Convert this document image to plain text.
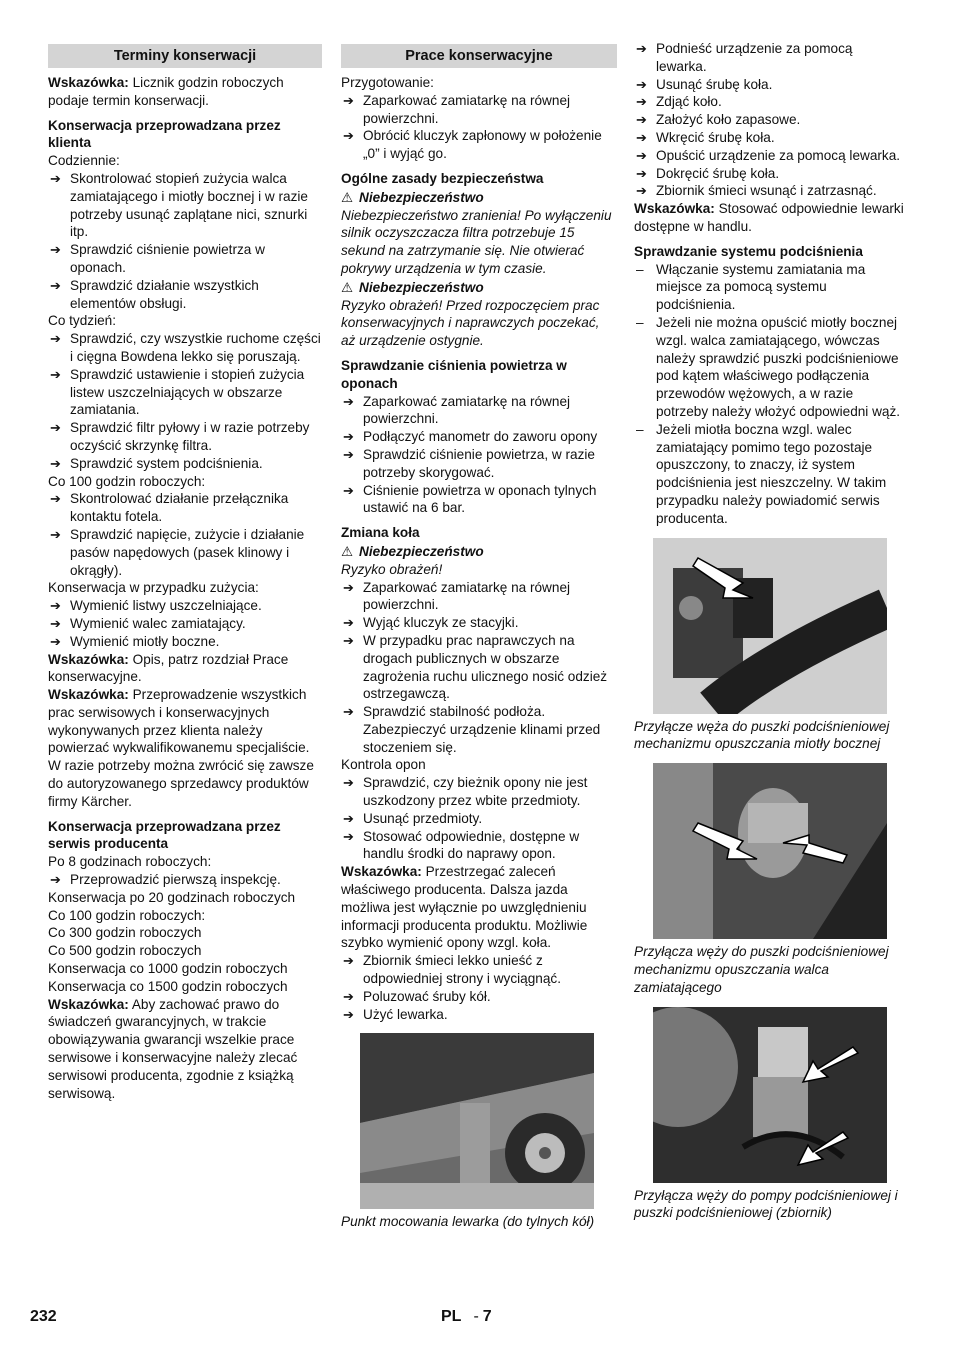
Terminy konserwacji

Wskazówka: Licznik godzin roboczych podaje termin konserwacji.

Konserwacja przeprowadzana przez klienta
Codziennie:
➔ Skontrolować stopień zużycia walca zamiatającego i miotły bocznej i w razie potrzeby usunąć zaplątane nici, sznurki itp.
➔ Sprawdzić ciśnienie powietrza w oponach.
➔ Sprawdzić działanie wszystkich elementów obsługi.
Co tydzień:
➔ Sprawdzić, czy wszystkie ruchome części i cięgna Bowdena lekko się poruszają.
➔ Sprawdzić ustawienie i stopień zużycia listew uszczelniających w obszarze zamiatania.
➔ Sprawdzić filtr pyłowy i w razie potrzeby oczyścić skrzynkę filtra.
➔ Sprawdzić system podciśnienia.
Co 100 godzin roboczych:
➔ Skontrolować działanie przełącznika kontaktu fotela.
➔ Sprawdzić napięcie, zużycie i działanie pasów napędowych (pasek klinowy i okrągły).
Konserwacja w przypadku zużycia:
➔ Wymienić listwy uszczelniające.
➔ Wymienić walec zamiatający.
➔ Wymienić miotły boczne.

Wskazówka: Opis, patrz rozdział Prace konserwacyjne.

Wskazówka: Przeprowadzenie wszystkich prac serwisowych i konserwacyjnych wykonywanych przez klienta należy powierzać wykwalifikowanemu specjaliście. W razie potrzeby można zwrócić się zawsze do autoryzowanego sprzedawcy produktów firmy Kärcher.

Konserwacja przeprowadzana przez serwis producenta
Po 8 godzinach roboczych:
➔ Przeprowadzić pierwszą inspekcję.
Konserwacja po 20 godzinach roboczych
Co 100 godzin roboczych:
Co 300 godzin roboczych
Co 500 godzin roboczych
Konserwacja co 1000 godzin roboczych
Konserwacja co 1500 godzin roboczych

Wskazówka: Aby zachować prawo do świadczeń gwarancyjnych, w trakcie obowiązywania gwarancji wszelkie prace serwisowe i konserwacyjne należy zlecać serwisowi producenta, zgodnie z książką serwisową.

Prace konserwacyjne
Przygotowanie:
➔ Zaparkować zamiatarkę na równej powierzchni.
➔ Obrócić kluczyk zapłonowy w położenie „0” i wyjąć go.
Ogólne zasady bezpieczeństwa
⚠ Niebezpieczeństwo
Niebezpieczeństwo zranienia! Po wyłączeniu silnik oczyszczacza filtra potrzebuje 15 sekund na zatrzymanie się. Nie otwierać pokrywy urządzenia w tym czasie.
⚠ Niebezpieczeństwo
Ryzyko obrażeń! Przed rozpoczęciem prac konserwacyjnych i naprawczych poczekać, aż urządzenie ostygnie.
Sprawdzanie ciśnienia powietrza w oponach
➔ Zaparkować zamiatarkę na równej powierzchni.
➔ Podłączyć manometr do zaworu opony
➔ Sprawdzić ciśnienie powietrza, w razie potrzeby skorygować.
➔ Ciśnienie powietrza w oponach tylnych ustawić na 6 bar.
Zmiana koła
⚠ Niebezpieczeństwo
Ryzyko obrażeń!
➔ Zaparkować zamiatarkę na równej powierzchni.
➔ Wyjąć kluczyk ze stacyjki.
➔ W przypadku prac naprawczych na drogach publicznych w obszarze zagrożenia ruchu ulicznego nosić odzież ostrzegawczą.
➔ Sprawdzić stabilność podłoża. Zabezpieczyć urządzenie klinami przed stoczeniem się.
Kontrola opon
➔ Sprawdzić, czy bieżnik opony nie jest uszkodzony przez wbite przedmioty.
➔ Usunąć przedmioty.
➔ Stosować odpowiednie, dostępne w handlu środki do naprawy opon.

Wskazówka: Przestrzegać zaleceń właściwego producenta. Dalsza jazda możliwa jest wyłącznie po uwzględnieniu informacji producenta produktu. Możliwie szybko wymienić opony wzgl. koła.

➔ Zbiornik śmieci lekko unieść z odpowiedniej strony i wyciągnąć.
➔ Poluzować śruby kół.
➔ Użyć lewarka.
Punkt mocowania lewarka (do tylnych kół)
➔ Podnieść urządzenie za pomocą lewarka.
➔ Usunąć śrubę koła.
➔ Zdjąć koło.
➔ Założyć koło zapasowe.
➔ Wkręcić śrubę koła.
➔ Opuścić urządzenie za pomocą lewarka.
➔ Dokręcić śrubę koła.
➔ Zbiornik śmieci wsunąć i zatrzasnąć.

Wskazówka: Stosować odpowiednie lewarki dostępne w handlu.

Sprawdzanie systemu podciśnienia
– Włączanie systemu zamiatania ma miejsce za pomocą systemu podciśnienia.
– Jeżeli nie można opuścić miotły bocznej wzgl. walca zamiatającego, wówczas należy sprawdzić puszki podciśnieniowe pod kątem właściwego podłączenia przewodów wężowych, a w razie potrzeby należy włożyć odpowiedni wąż.
– Jeżeli miotła boczna wzgl. walec zamiatający pomimo tego pozostaje opuszczony, to znaczy, iż system podciśnienia jest nieszczelny. W takim przypadku należy powiadomić serwis producenta.
Przyłącze węża do puszki podciśnieniowej mechanizmu opuszczania miotły bocznej
Przyłącza węży do puszki podciśnieniowej mechanizmu opuszczania walca zamiatającego
Przyłącza węży do pompy podciśnieniowej i puszki podciśnieniowej (zbiornik)
232	PL - 7
